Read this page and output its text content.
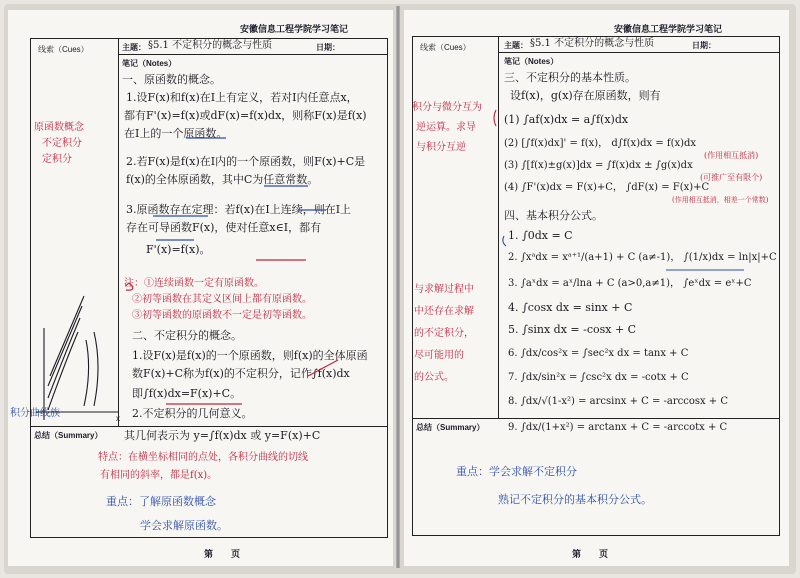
安徽信息工程学院学习笔记
线索（Cues）	主题： §5.1 不定积分的概念与性质	日期：
笔记（Notes）
总结（Summary）
原函数概念
不定积分
定积分
积分曲线族
一、原函数的概念。
1.设F(x)和f(x)在I上有定义，若对I内任意点x，
都有F'(x)=f(x)或dF(x)=f(x)dx，则称F(x)是f(x)
在I上的一个原函数。
2.若F(x)是f(x)在I内的一个原函数，则F(x)+C是
f(x)的全体原函数，其中C为任意常数。
3.原函数存在定理：若f(x)在I上连续，则在I上
存在可导函数F(x)，使对任意x∈I，都有
F'(x)=f(x)。
注：①连续函数一定有原函数。
②初等函数在其定义区间上都有原函数。
③初等函数的原函数不一定是初等函数。
二、不定积分的概念。
1.设F(x)是f(x)的一个原函数，则f(x)的全体原函
数F(x)+C称为f(x)的不定积分，记作∫f(x)dx
即∫f(x)dx=F(x)+C。
2.不定积分的几何意义。
x
其几何表示为 y=∫f(x)dx 或 y=F(x)+C
特点：在横坐标相同的点处，各积分曲线的切线
有相同的斜率，都是f(x)。
重点：了解原函数概念
学会求解原函数。
第　　页
安徽信息工程学院学习笔记
线索（Cues）	主题： §5.1 不定积分的概念与性质	日期：
笔记（Notes）
总结（Summary）
积分与微分互为
逆运算。求导
与积分互逆
与求解过程中
中还存在求解
的不定积分，
尽可能用的
的公式。
三、不定积分的基本性质。
设f(x)，g(x)存在原函数，则有
(1) ∫af(x)dx = a∫f(x)dx
(2) [∫f(x)dx]' = f(x)， d∫f(x)dx = f(x)dx
(3) ∫[f(x)±g(x)]dx = ∫f(x)dx ± ∫g(x)dx
(4) ∫F'(x)dx = F(x)+C， ∫dF(x) = F(x)+C
四、基本积分公式。
1. ∫0dx = C
2. ∫xᵃdx = xᵃ⁺¹/(a+1) + C (a≠-1)， ∫(1/x)dx = ln|x|+C
3. ∫aˣdx = aˣ/lna + C (a>0,a≠1)， ∫eˣdx = eˣ+C
4. ∫cosx dx = sinx + C
5. ∫sinx dx = -cosx + C
6. ∫dx/cos²x = ∫sec²x dx = tanx + C
7. ∫dx/sin²x = ∫csc²x dx = -cotx + C
8. ∫dx/√(1-x²) = arcsinx + C = -arccosx + C
9. ∫dx/(1+x²) = arctanx + C = -arccotx + C
(作用相互抵消)
(可推广至有限个)
(作用相互抵消，相差一个常数)
重点：学会求解不定积分
熟记不定积分的基本积分公式。
第　　页
